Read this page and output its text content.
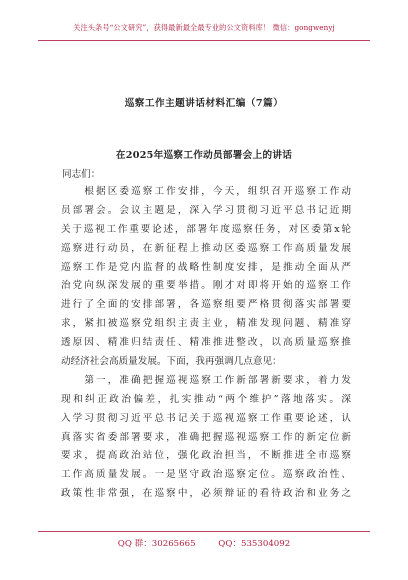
关注头条号“公文研究”，获得最新最全最专业的公文资料库！ 微信：gongwenyj
巡察工作主题讲话材料汇编（7篇）
在2025年巡察工作动员部署会上的讲话
同志们：
　　根据区委巡察工作安排，今天，组织召开巡察工作动
员部署会。会议主题是，深入学习贯彻习近平总书记近期
关于巡视工作重要论述，部署年度巡察任务，对区委第x轮
巡察进行动员，在新征程上推动区委巡察工作高质量发展
巡察工作是党内监督的战略性制度安排，是推动全面从严
治党向纵深发展的重要举措。刚才对即将开始的巡察工作
进行了全面的安排部署，各巡察组要严格贯彻落实部署要
求，紧扣被巡察党组织主责主业，精准发现问题、精准穿
透原因、精准归结责任、精准推进整改，以高质量巡察推
动经济社会高质量发展。下面，我再强调几点意见：
　　第一，准确把握巡视巡察工作新部署新要求，着力发
现和纠正政治偏差，扎实推动“两个维护”落地落实。深
入学习贯彻习近平总书记关于巡视巡察工作重要论述，认
真落实省委部署要求，准确把握巡视巡察工作的新定位新
要求，提高政治站位，强化政治担当，不断推进全市巡察
工作高质量发展。一是坚守政治巡察定位。巡察政治性、
政策性非常强，在巡察中，必须辩证的看待政治和业务之
QQ 群：30265665	QQ：535304092
